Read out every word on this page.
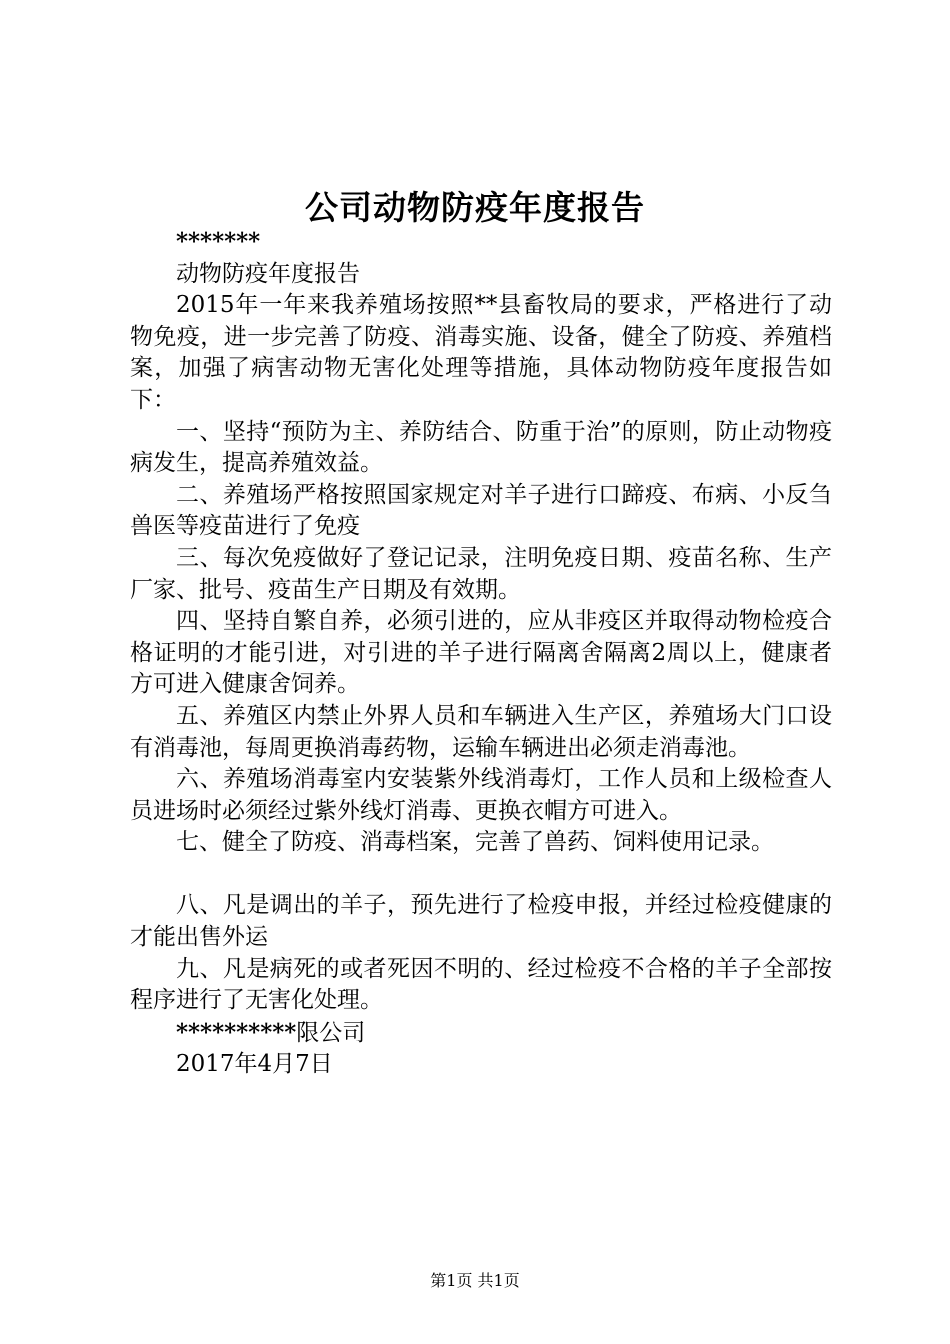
公司动物防疫年度报告

*******

动物防疫年度报告

2015年一年来我养殖场按照**县畜牧局的要求，严格进行了动物免疫，进一步完善了防疫、消毒实施、设备，健全了防疫、养殖档案，加强了病害动物无害化处理等措施，具体动物防疫年度报告如下：

一、坚持“预防为主、养防结合、防重于治”的原则，防止动物疫病发生，提高养殖效益。

二、养殖场严格按照国家规定对羊子进行口蹄疫、布病、小反刍兽医等疫苗进行了免疫

三、每次免疫做好了登记记录，注明免疫日期、疫苗名称、生产厂家、批号、疫苗生产日期及有效期。

四、坚持自繁自养，必须引进的，应从非疫区并取得动物检疫合格证明的才能引进，对引进的羊子进行隔离舍隔离2周以上，健康者方可进入健康舍饲养。

五、养殖区内禁止外界人员和车辆进入生产区，养殖场大门口设有消毒池，每周更换消毒药物，运输车辆进出必须走消毒池。

六、养殖场消毒室内安装紫外线消毒灯，工作人员和上级检查人员进场时必须经过紫外线灯消毒、更换衣帽方可进入。

七、健全了防疫、消毒档案，完善了兽药、饲料使用记录。

八、凡是调出的羊子，预先进行了检疫申报，并经过检疫健康的才能出售外运

九、凡是病死的或者死因不明的、经过检疫不合格的羊子全部按程序进行了无害化处理。

**********限公司

2017年4月7日

第1页 共1页
